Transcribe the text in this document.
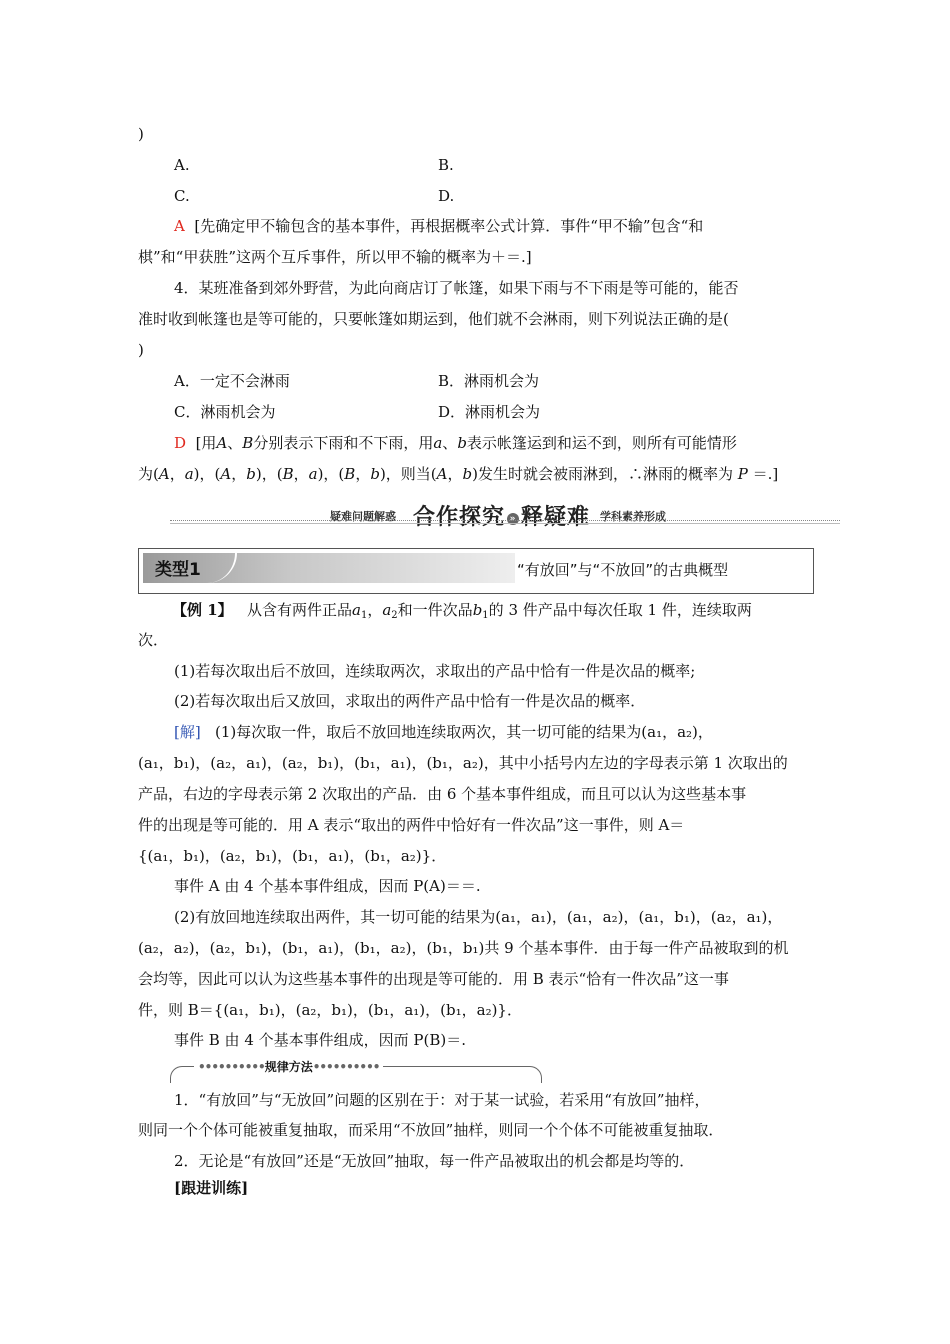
)
A.	B.
C.	D.
A [先确定甲不输包含的基本事件，再根据概率公式计算．事件“甲不输”包含“和
棋”和“甲获胜”这两个互斥事件，所以甲不输的概率为＋＝.]
4．某班准备到郊外野营，为此向商店订了帐篷，如果下雨与不下雨是等可能的，能否
准时收到帐篷也是等可能的，只要帐篷如期运到，他们就不会淋雨，则下列说法正确的是(
)
A．一定不会淋雨	B．淋雨机会为
C．淋雨机会为	D．淋雨机会为
D [用A、B分别表示下雨和不下雨，用a、b表示帐篷运到和运不到，则所有可能情形
为(A，a)，(A，b)，(B，a)，(B，b)，则当(A，b)发生时就会被雨淋到，∴淋雨的概率为 P ＝.]
疑难问题解惑 合作探究 » 释疑难 学科素养形成
类型1	“有放回”与“不放回”的古典概型
【例 1】 从含有两件正品$a_1$，$a_2$和一件次品$b_1$的 3 件产品中每次任取 1 件，连续取两
次．
(1)若每次取出后不放回，连续取两次，求取出的产品中恰有一件是次品的概率;
(2)若每次取出后又放回，求取出的两件产品中恰有一件是次品的概率．
[解] (1)每次取一件，取后不放回地连续取两次，其一切可能的结果为(a₁，a₂)，
(a₁，b₁)，(a₂，a₁)，(a₂，b₁)，(b₁，a₁)，(b₁，a₂)，其中小括号内左边的字母表示第 1 次取出的
产品，右边的字母表示第 2 次取出的产品．由 6 个基本事件组成，而且可以认为这些基本事
件的出现是等可能的．用 A 表示“取出的两件中恰好有一件次品”这一事件，则 A＝
{(a₁，b₁)，(a₂，b₁)，(b₁，a₁)，(b₁，a₂)}．
事件 A 由 4 个基本事件组成，因而 P(A)＝＝.
(2)有放回地连续取出两件，其一切可能的结果为(a₁，a₁)，(a₁，a₂)，(a₁，b₁)，(a₂，a₁)，
(a₂，a₂)，(a₂，b₁)，(b₁，a₁)，(b₁，a₂)，(b₁，b₁)共 9 个基本事件．由于每一件产品被取到的机
会均等，因此可以认为这些基本事件的出现是等可能的．用 B 表示“恰有一件次品”这一事
件，则 B＝{(a₁，b₁)，(a₂，b₁)，(b₁，a₁)，(b₁，a₂)}．
事件 B 由 4 个基本事件组成，因而 P(B)＝.
••••••••••规律方法••••••••••
1．“有放回”与“无放回”问题的区别在于：对于某一试验，若采用“有放回”抽样，
则同一个个体可能被重复抽取，而采用“不放回”抽样，则同一个个体不可能被重复抽取．
2．无论是“有放回”还是“无放回”抽取，每一件产品被取出的机会都是均等的．
[跟进训练]
